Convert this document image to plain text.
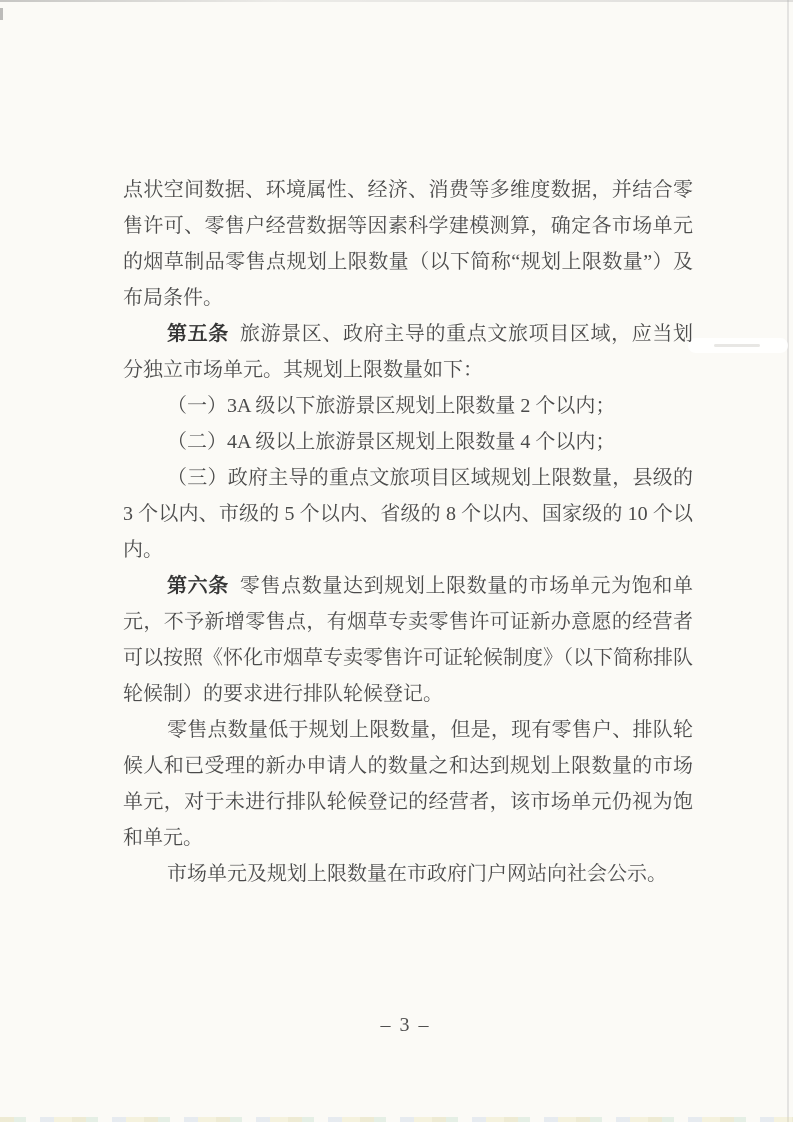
点状空间数据、环境属性、经济、消费等多维度数据，并结合零售许可、零售户经营数据等因素科学建模测算，确定各市场单元的烟草制品零售点规划上限数量（以下简称“规划上限数量”）及布局条件。

第五条 旅游景区、政府主导的重点文旅项目区域，应当划分独立市场单元。其规划上限数量如下：

（一）3A 级以下旅游景区规划上限数量 2 个以内；

（二）4A 级以上旅游景区规划上限数量 4 个以内；

（三）政府主导的重点文旅项目区域规划上限数量，县级的 3 个以内、市级的 5 个以内、省级的 8 个以内、国家级的 10 个以内。

第六条 零售点数量达到规划上限数量的市场单元为饱和单元，不予新增零售点，有烟草专卖零售许可证新办意愿的经营者可以按照《怀化市烟草专卖零售许可证轮候制度》（以下简称排队轮候制）的要求进行排队轮候登记。

零售点数量低于规划上限数量，但是，现有零售户、排队轮候人和已受理的新办申请人的数量之和达到规划上限数量的市场单元，对于未进行排队轮候登记的经营者，该市场单元仍视为饱和单元。

市场单元及规划上限数量在市政府门户网站向社会公示。

– 3 –
